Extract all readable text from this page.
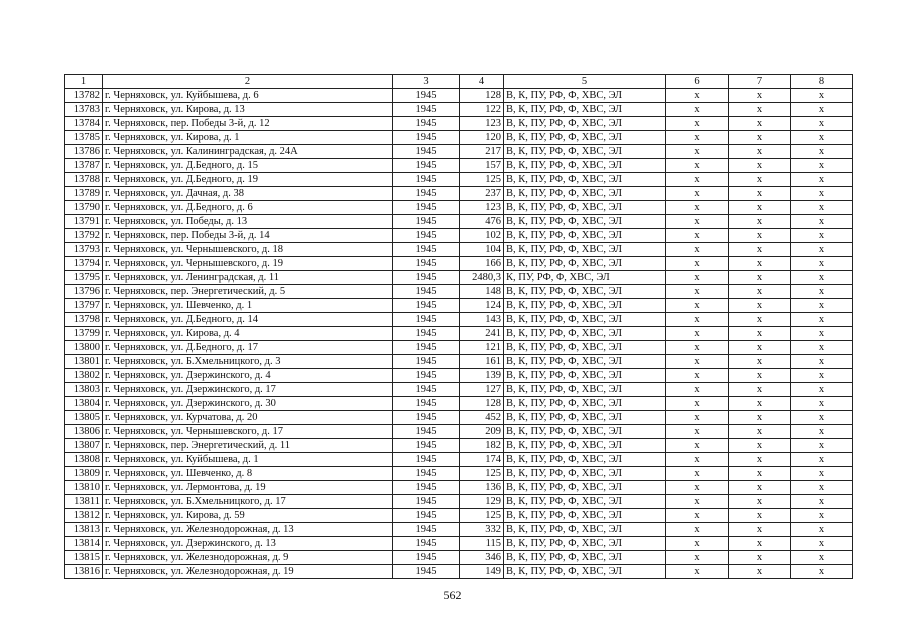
1	2	3	4	5	6	7	8
13782	г. Черняховск, ул. Куйбышева, д. 6	1945	128	В, К, ПУ, РФ, Ф, ХВС, ЭЛ	х	х	х
13783	г. Черняховск, ул. Кирова, д. 13	1945	122	В, К, ПУ, РФ, Ф, ХВС, ЭЛ	х	х	х
13784	г. Черняховск, пер. Победы 3-й, д. 12	1945	123	В, К, ПУ, РФ, Ф, ХВС, ЭЛ	х	х	х
13785	г. Черняховск, ул. Кирова, д. 1	1945	120	В, К, ПУ, РФ, Ф, ХВС, ЭЛ	х	х	х
13786	г. Черняховск, ул. Калининградская, д. 24А	1945	217	В, К, ПУ, РФ, Ф, ХВС, ЭЛ	х	х	х
13787	г. Черняховск, ул. Д.Бедного, д. 15	1945	157	В, К, ПУ, РФ, Ф, ХВС, ЭЛ	х	х	х
13788	г. Черняховск, ул. Д.Бедного, д. 19	1945	125	В, К, ПУ, РФ, Ф, ХВС, ЭЛ	х	х	х
13789	г. Черняховск, ул. Дачная, д. 38	1945	237	В, К, ПУ, РФ, Ф, ХВС, ЭЛ	х	х	х
13790	г. Черняховск, ул. Д.Бедного, д. 6	1945	123	В, К, ПУ, РФ, Ф, ХВС, ЭЛ	х	х	х
13791	г. Черняховск, ул. Победы, д. 13	1945	476	В, К, ПУ, РФ, Ф, ХВС, ЭЛ	х	х	х
13792	г. Черняховск, пер. Победы 3-й, д. 14	1945	102	В, К, ПУ, РФ, Ф, ХВС, ЭЛ	х	х	х
13793	г. Черняховск, ул. Чернышевского, д. 18	1945	104	В, К, ПУ, РФ, Ф, ХВС, ЭЛ	х	х	х
13794	г. Черняховск, ул. Чернышевского, д. 19	1945	166	В, К, ПУ, РФ, Ф, ХВС, ЭЛ	х	х	х
13795	г. Черняховск, ул. Ленинградская, д. 11	1945	2480,3	К, ПУ, РФ, Ф, ХВС, ЭЛ	х	х	х
13796	г. Черняховск, пер. Энергетический, д. 5	1945	148	В, К, ПУ, РФ, Ф, ХВС, ЭЛ	х	х	х
13797	г. Черняховск, ул. Шевченко, д. 1	1945	124	В, К, ПУ, РФ, Ф, ХВС, ЭЛ	х	х	х
13798	г. Черняховск, ул. Д.Бедного, д. 14	1945	143	В, К, ПУ, РФ, Ф, ХВС, ЭЛ	х	х	х
13799	г. Черняховск, ул. Кирова, д. 4	1945	241	В, К, ПУ, РФ, Ф, ХВС, ЭЛ	х	х	х
13800	г. Черняховск, ул. Д.Бедного, д. 17	1945	121	В, К, ПУ, РФ, Ф, ХВС, ЭЛ	х	х	х
13801	г. Черняховск, ул. Б.Хмельницкого, д. 3	1945	161	В, К, ПУ, РФ, Ф, ХВС, ЭЛ	х	х	х
13802	г. Черняховск, ул. Дзержинского, д. 4	1945	139	В, К, ПУ, РФ, Ф, ХВС, ЭЛ	х	х	х
13803	г. Черняховск, ул. Дзержинского, д. 17	1945	127	В, К, ПУ, РФ, Ф, ХВС, ЭЛ	х	х	х
13804	г. Черняховск, ул. Дзержинского, д. 30	1945	128	В, К, ПУ, РФ, Ф, ХВС, ЭЛ	х	х	х
13805	г. Черняховск, ул. Курчатова, д. 20	1945	452	В, К, ПУ, РФ, Ф, ХВС, ЭЛ	х	х	х
13806	г. Черняховск, ул. Чернышевского, д. 17	1945	209	В, К, ПУ, РФ, Ф, ХВС, ЭЛ	х	х	х
13807	г. Черняховск, пер. Энергетический, д. 11	1945	182	В, К, ПУ, РФ, Ф, ХВС, ЭЛ	х	х	х
13808	г. Черняховск, ул. Куйбышева, д. 1	1945	174	В, К, ПУ, РФ, Ф, ХВС, ЭЛ	х	х	х
13809	г. Черняховск, ул. Шевченко, д. 8	1945	125	В, К, ПУ, РФ, Ф, ХВС, ЭЛ	х	х	х
13810	г. Черняховск, ул. Лермонтова, д. 19	1945	136	В, К, ПУ, РФ, Ф, ХВС, ЭЛ	х	х	х
13811	г. Черняховск, ул. Б.Хмельницкого, д. 17	1945	129	В, К, ПУ, РФ, Ф, ХВС, ЭЛ	х	х	х
13812	г. Черняховск, ул. Кирова, д. 59	1945	125	В, К, ПУ, РФ, Ф, ХВС, ЭЛ	х	х	х
13813	г. Черняховск, ул. Железнодорожная, д. 13	1945	332	В, К, ПУ, РФ, Ф, ХВС, ЭЛ	х	х	х
13814	г. Черняховск, ул. Дзержинского, д. 13	1945	115	В, К, ПУ, РФ, Ф, ХВС, ЭЛ	х	х	х
13815	г. Черняховск, ул. Железнодорожная, д. 9	1945	346	В, К, ПУ, РФ, Ф, ХВС, ЭЛ	х	х	х
13816	г. Черняховск, ул. Железнодорожная, д. 19	1945	149	В, К, ПУ, РФ, Ф, ХВС, ЭЛ	х	х	х
562
